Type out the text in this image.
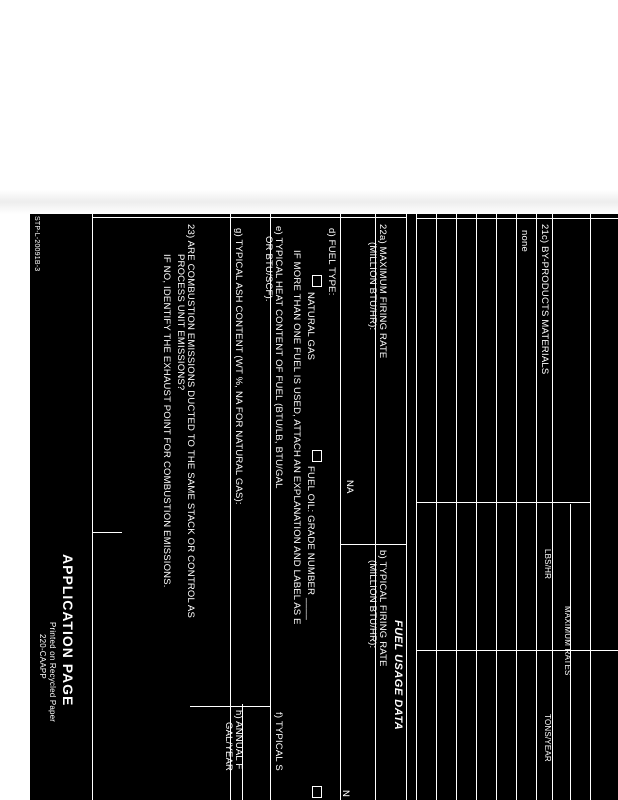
STP-L-20091B-3	21c) BY-PRODUCTS MATERIALS
none
MAXIMUM RATES
LBS/HR
TONS/YEAR
FUEL USAGE DATA
22a) MAXIMUM FIRING RATE
(MILLION BTU/HR):
NA
b) TYPICAL FIRING RATE
(MILLION BTU/HR):
d) FUEL TYPE:
NATURAL GAS
FUEL OIL: GRADE NUMBER ____
N
IF MORE THAN ONE FUEL IS USED, ATTACH AN EXPLANATION AND LABEL AS E
e) TYPICAL HEAT CONTENT OF FUEL (BTU/LB, BTU/GAL
OR BTU/SCF):
f) TYPICAL S
g) TYPICAL ASH CONTENT (WT %, NA FOR NATURAL GAS):
h) ANNUAL F
GAL/YEAR
23) ARE COMBUSTION EMISSIONS DUCTED TO THE SAME STACK OR CONTROL AS
PROCESS UNIT EMISSIONS?
IF NO, IDENTIFY THE EXHAUST POINT FOR COMBUSTION EMISSIONS.
APPLICATION PAGE
Printed on Recycled Paper
220-CAAPP
